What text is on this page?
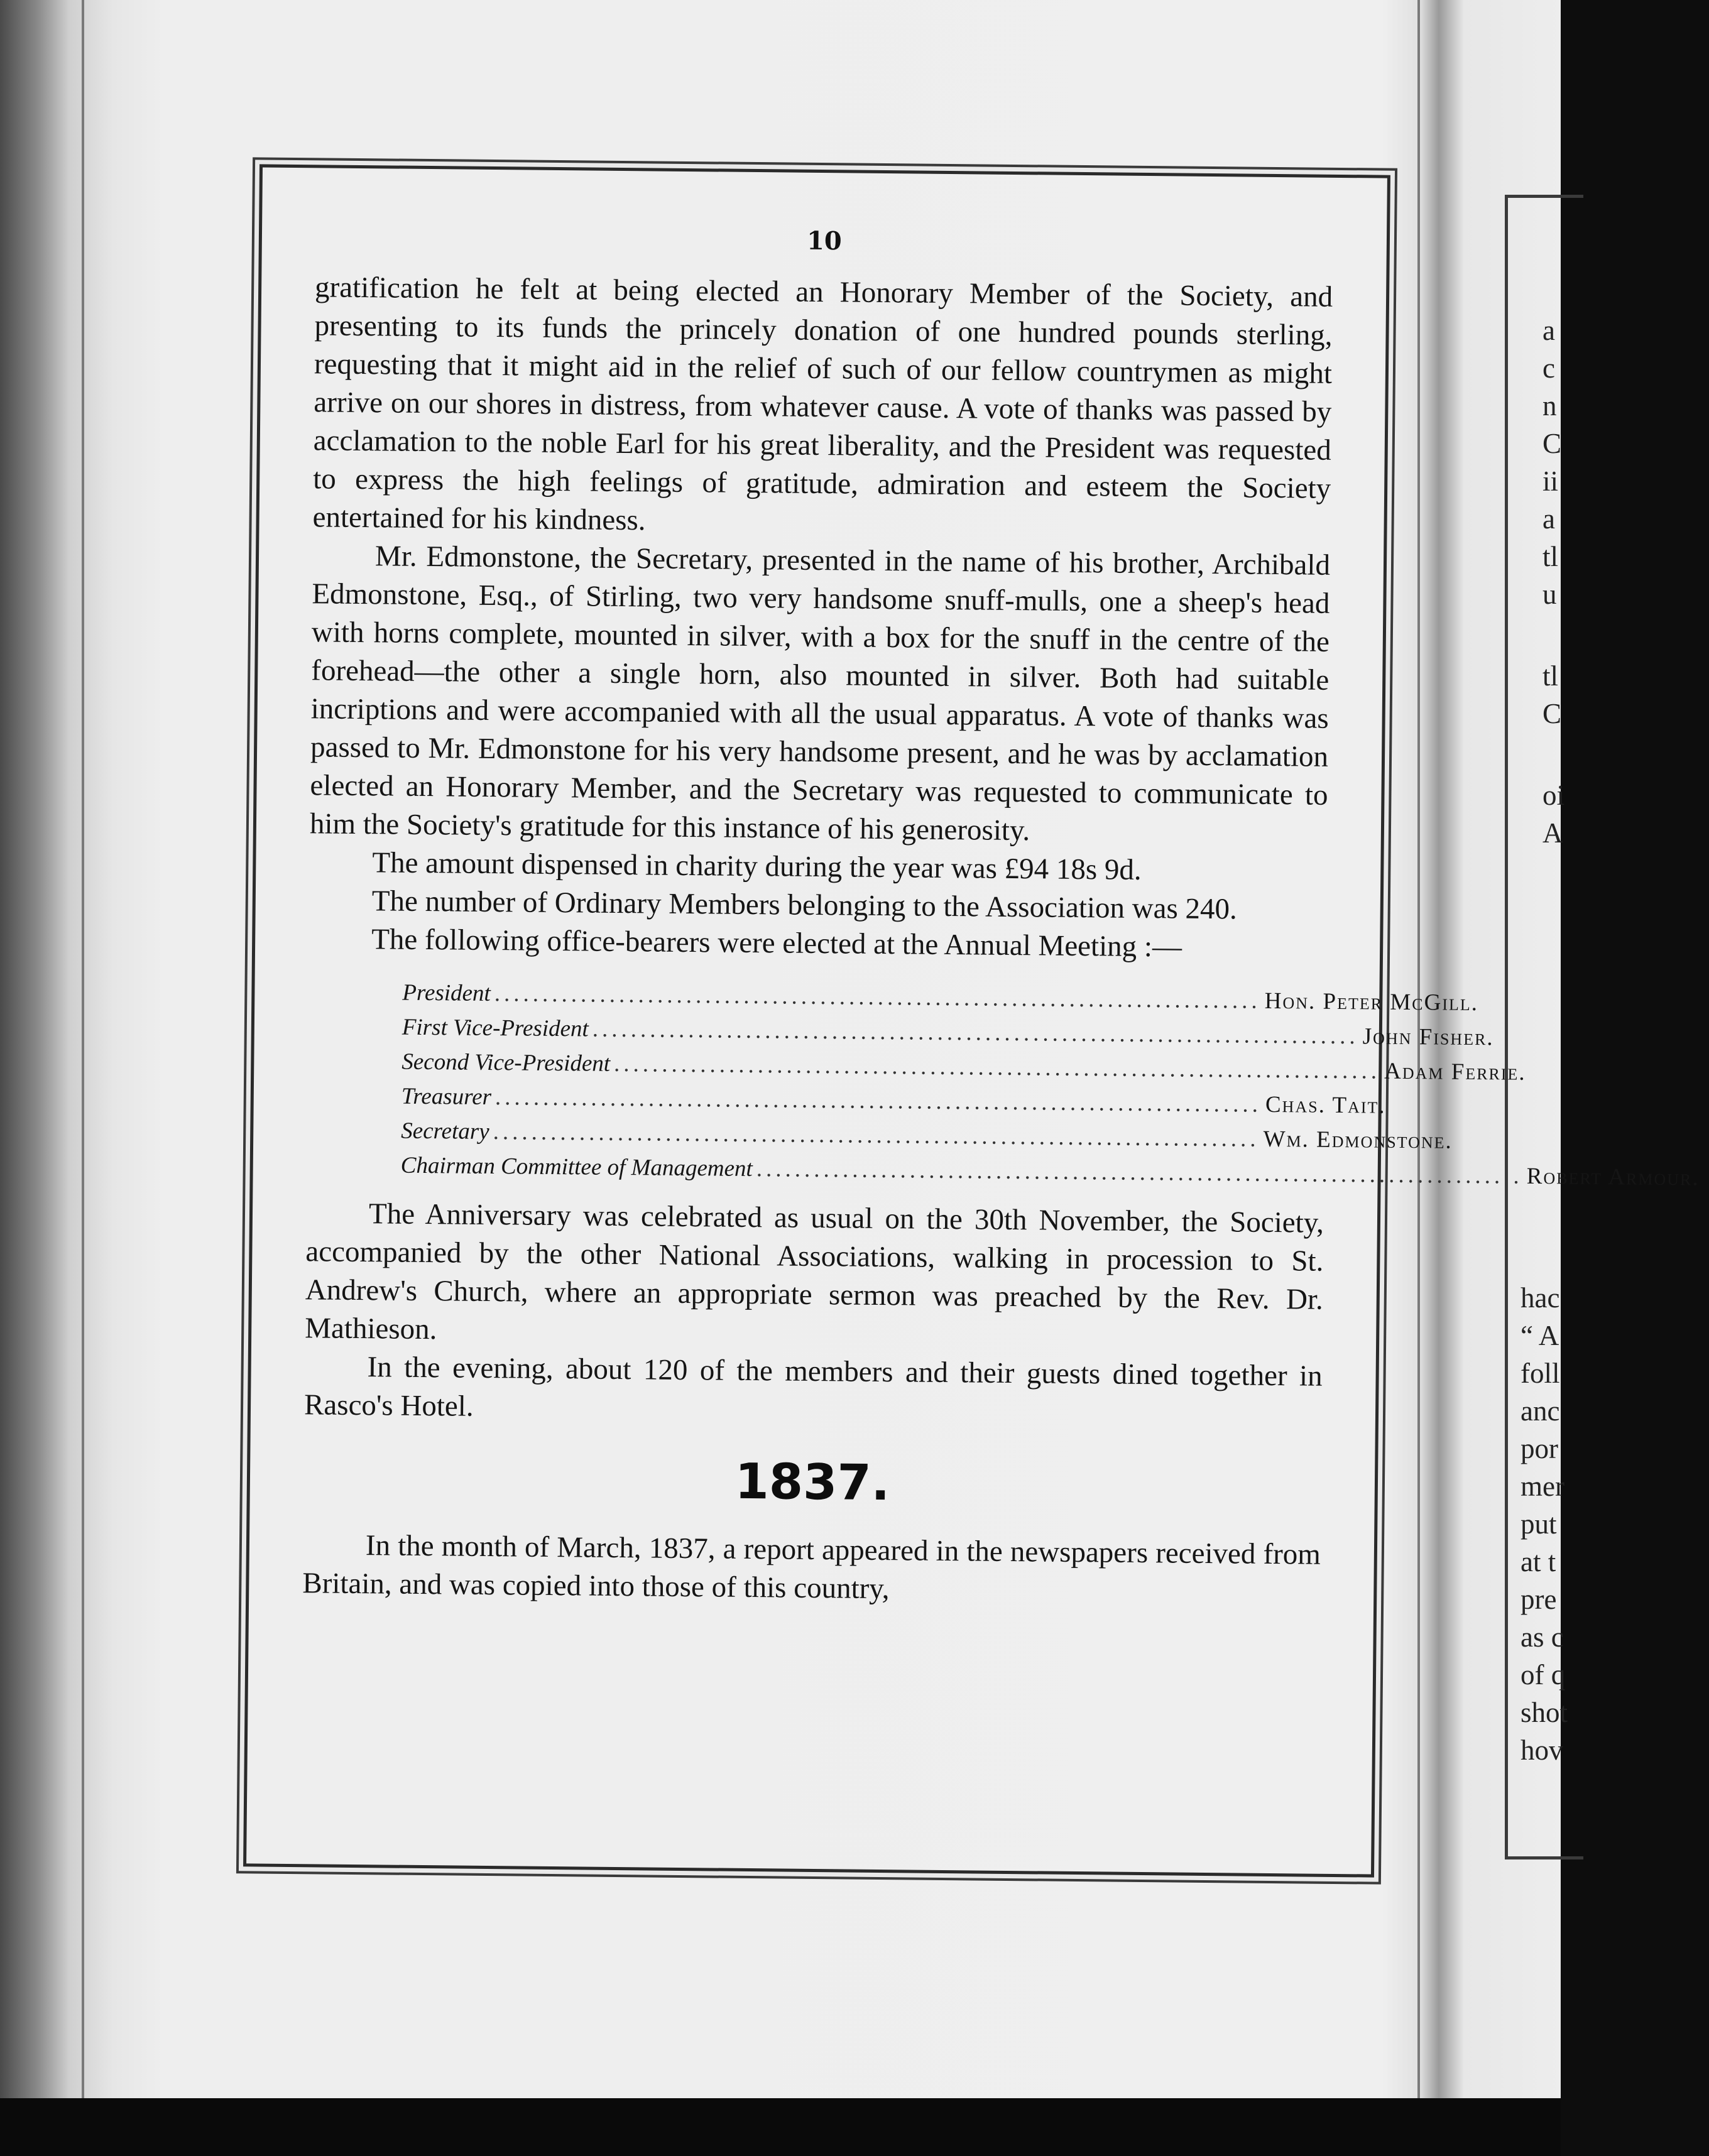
10

gratification he felt at being elected an Honorary Member of the Society, and presenting to its funds the princely donation of one hundred pounds sterling, requesting that it might aid in the relief of such of our fellow countrymen as might arrive on our shores in distress, from whatever cause. A vote of thanks was passed by acclamation to the noble Earl for his great liberality, and the President was requested to express the high feelings of gratitude, admiration and esteem the Society entertained for his kindness.

Mr. Edmonstone, the Secretary, presented in the name of his brother, Archibald Edmonstone, Esq., of Stirling, two very handsome snuff-mulls, one a sheep's head with horns complete, mounted in silver, with a box for the snuff in the centre of the forehead—the other a single horn, also mounted in silver. Both had suitable incriptions and were accompanied with all the usual apparatus. A vote of thanks was passed to Mr. Edmonstone for his very handsome present, and he was by acclamation elected an Honorary Member, and the Secretary was requested to communicate to him the Society's gratitude for this instance of his generosity.

The amount dispensed in charity during the year was £94 18s 9d.

The number of Ordinary Members belonging to the Association was 240.

The following office-bearers were elected at the Annual Meeting :—

President ................................................................................ Hon. Peter McGill.
First Vice-President ................................................................................ John Fisher.
Second Vice-President ................................................................................ Adam Ferrie.
Treasurer ................................................................................ Chas. Tait.
Secretary ................................................................................ Wm. Edmonstone.
Chairman Committee of Management ................................................................................ Robert Armour.

The Anniversary was celebrated as usual on the 30th November, the Society, accompanied by the other National Associations, walking in procession to St. Andrew's Church, where an appropriate sermon was preached by the Rev. Dr. Mathieson.

In the evening, about 120 of the members and their guests dined together in Rasco's Hotel.

1837.

In the month of March, 1837, a report appeared in the newspapers received from Britain, and was copied into those of this country,

a
c
n
C
ii
a
tl
u
tl
C
oi
A
hac
“ A
foll
anc
por
mer
put
at t
pre
as c
of q
shot
hov
